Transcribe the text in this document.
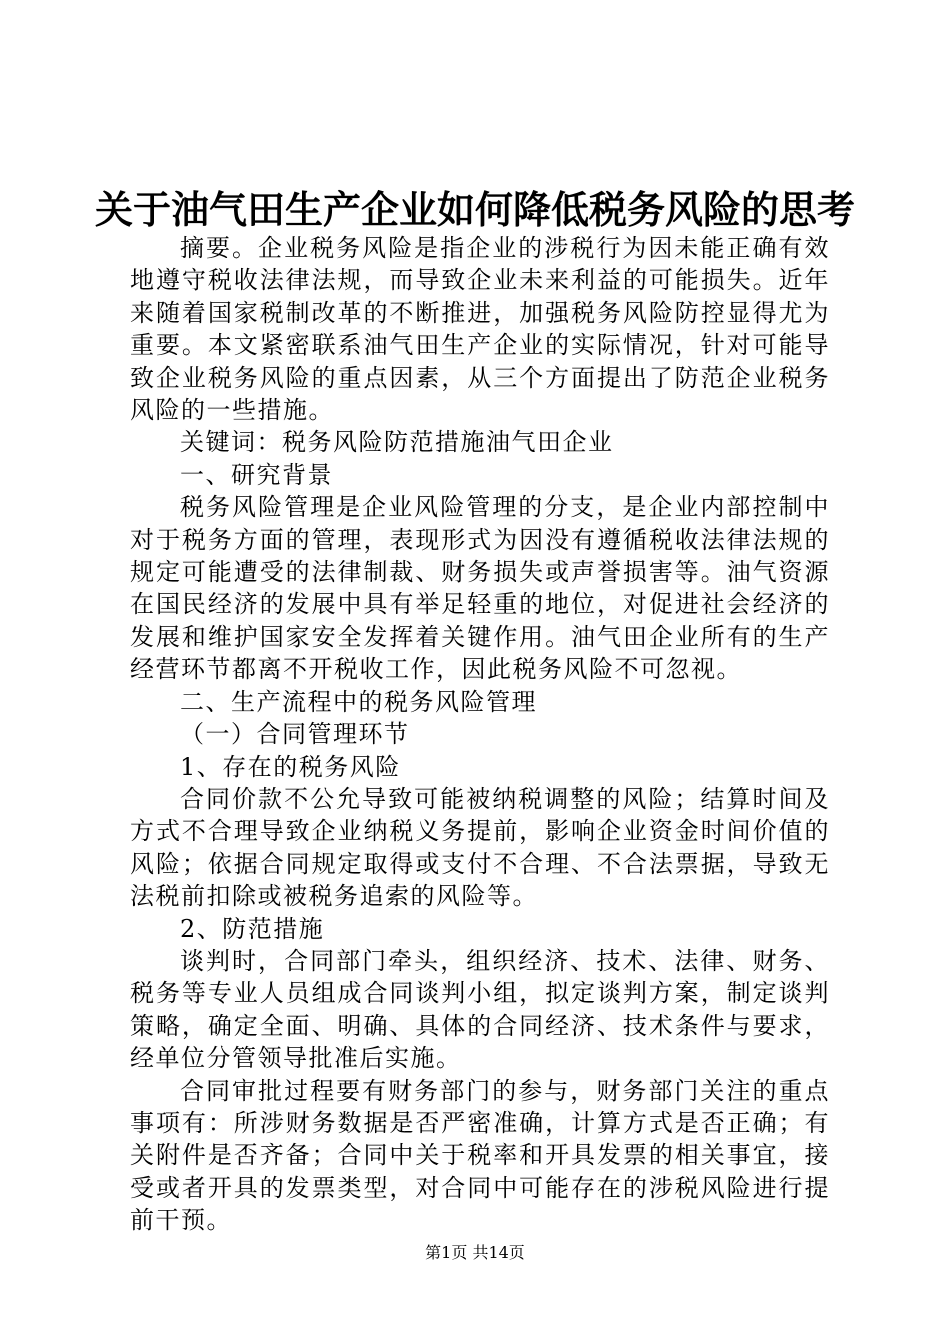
关于油气田生产企业如何降低税务风险的思考

摘要。企业税务风险是指企业的涉税行为因未能正确有效地遵守税收法律法规，而导致企业未来利益的可能损失。近年来随着国家税制改革的不断推进，加强税务风险防控显得尤为重要。本文紧密联系油气田生产企业的实际情况，针对可能导致企业税务风险的重点因素，从三个方面提出了防范企业税务风险的一些措施。

关键词：税务风险防范措施油气田企业

一、研究背景

税务风险管理是企业风险管理的分支，是企业内部控制中对于税务方面的管理，表现形式为因没有遵循税收法律法规的规定可能遭受的法律制裁、财务损失或声誉损害等。油气资源在国民经济的发展中具有举足轻重的地位，对促进社会经济的发展和维护国家安全发挥着关键作用。油气田企业所有的生产经营环节都离不开税收工作，因此税务风险不可忽视。

二、生产流程中的税务风险管理

（一）合同管理环节

1、存在的税务风险

合同价款不公允导致可能被纳税调整的风险；结算时间及方式不合理导致企业纳税义务提前，影响企业资金时间价值的风险；依据合同规定取得或支付不合理、不合法票据，导致无法税前扣除或被税务追索的风险等。

2、防范措施

谈判时，合同部门牵头，组织经济、技术、法律、财务、税务等专业人员组成合同谈判小组，拟定谈判方案，制定谈判策略，确定全面、明确、具体的合同经济、技术条件与要求，经单位分管领导批准后实施。

合同审批过程要有财务部门的参与，财务部门关注的重点事项有：所涉财务数据是否严密准确，计算方式是否正确；有关附件是否齐备；合同中关于税率和开具发票的相关事宜，接受或者开具的发票类型，对合同中可能存在的涉税风险进行提前干预。

第1页 共14页
